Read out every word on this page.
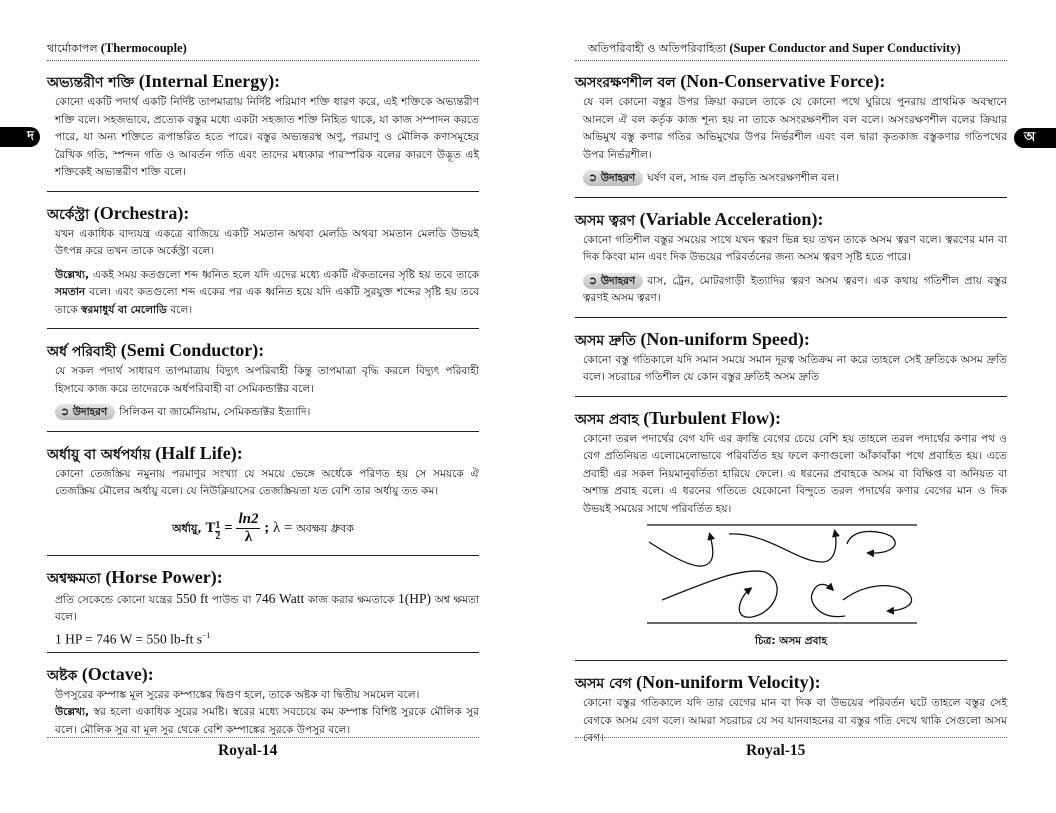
থার্মোকাপল (Thermocouple)
দ
অভ্যন্তরীণ শক্তি (Internal Energy):

কোনো একটি পদার্থ একটি নির্দিষ্ট তাপমাত্রায় নির্দিষ্ট পরিমাণ শক্তি ধারণ করে, এই শক্তিকে অভ্যন্তরীণ শক্তি বলে। সহজভাবে, প্রত্যেক বস্তুর মধ্যে একটা সহজাত শক্তি নিহিত থাকে, যা কাজ সম্পাদন করতে পারে, যা অন্য শক্তিতে রূপান্তরিত হতে পারে। বস্তুর অভ্যন্তরস্থ অণু, পরমাণু ও মৌলিক কণাসমূহের রৈখিক গতি, স্পন্দন গতি ও আবর্তন গতি এবং তাদের মধ্যকার পারস্পরিক বলের কারণে উদ্ভূত এই শক্তিকেই অভ্যন্তরীণ শক্তি বলে।

অর্কেস্ট্রা (Orchestra):

যখন একাধিক বাদ্যযন্ত্র একত্রে বাজিয়ে একটি সমতান অথবা মেলডি অথবা সমতান মেলডি উভয়ই উৎপন্ন করে তখন তাকে অর্কেস্ট্রা বলে।

উল্লেখ্য, একই সময় কতগুলো শব্দ ধ্বনিত হলে যদি এদের মধ্যে একটি ঐকতানের সৃষ্টি হয় তবে তাকে সমতান বলে। এবং কতগুলো শব্দ একের পর এক ধ্বনিত হয়ে যদি একটি সুরযুক্ত শব্দের সৃষ্টি হয় তবে তাকে স্বরমাধুর্য বা মেলোডি বলে।

অর্ধ পরিবাহী (Semi Conductor):

যে সকল পদার্থ সাধারণ তাপমাত্রায় বিদ্যুৎ অপরিবাহী কিন্তু তাপমাত্রা বৃদ্ধি করলে বিদ্যুৎ পরিবাহী হিসাবে কাজ করে তাদেরকে অর্ধপরিবাহী বা সেমিকন্ডাক্টর বলে।

➲ উদাহরণ সিলিকন বা জার্মেনিয়াম, সেমিকন্ডাক্টর ইত্যাদি।

অর্ধায়ু বা অর্ধপর্যায় (Half Life):

কোনো তেজস্ক্রিয় নমুনায় পরমাণুর সংখ্যা যে সময়ে ভেঙ্গে অর্ধেকে পরিণত হয় সে সময়কে ঐ তেজস্ক্রিয় মৌলের অর্ধায়ু বলে। যে নিউক্লিয়াসের তেজস্ক্রিয়তা যত বেশি তার অর্ধায়ু তত কম।

অর্ধায়ু, T $\frac{1}{2} = \frac{\ln 2}{\lambda}$ ; λ = অবক্ষয় ধ্রুবক
অশ্বক্ষমতা (Horse Power):

প্রতি সেকেন্ডে কোনো যন্ত্রের 550 ft পাউন্ড বা 746 Watt কাজ করার ক্ষমতাকে 1(HP) অশ্ব ক্ষমতা বলে।

1 HP = 746 W = 550 lb-ft $s^{-1}$

অষ্টক (Octave):

উপসুরের কম্পাঙ্ক মূল সুরের কম্পাঙ্কের দ্বিগুণ হলে, তাকে অষ্টক বা দ্বিতীয় সমমেল বলে।

উল্লেখ্য, স্বর হলো একাধিক সুরের সমষ্টি। স্বরের মধ্যে সবচেয়ে কম কম্পাঙ্ক বিশিষ্ট সুরকে মৌলিক সুর বলে। মৌলিক সুর বা মূল সুর থেকে বেশি কম্পাঙ্কের সুরকে উপসুর বলে।

Royal-14
অতিপরিবাহী ও অতিপরিবাহিতা (Super Conductor and Super Conductivity)
অ
অসংরক্ষণশীল বল (Non-Conservative Force):

যে বল কোনো বস্তুর উপর ক্রিয়া করলে তাকে যে কোনো পথে ঘুরিয়ে পুনরায় প্রাথমিক অবস্থানে আনলে ঐ বল কর্তৃক কাজ শূন্য হয় না তাকে অসংরক্ষণশীল বল বলে। অসংরক্ষণশীল বলের ক্রিয়ার অভিমুখ বস্তু কণার গতির অভিমুখের উপর নির্ভরশীল এবং বল দ্বারা কৃতকাজ বস্তুকণার গতিপথের উপর নির্ভরশীল।

➲ উদাহরণ ঘর্ষণ বল, সান্দ্র বল প্রভৃতি অসংরক্ষণশীল বল।

অসম ত্বরণ (Variable Acceleration):

কোনো গতিশীল বস্তুর সময়ের সাথে যখন ত্বরণ ভিন্ন হয় তখন তাকে অসম ত্বরণ বলে। ত্বরণের মান বা দিক কিংবা মান এবং দিক উভয়ের পরিবর্তনের জন্য অসম ত্বরণ সৃষ্টি হতে পারে।

➲ উদাহরণ বাস, ট্রেন, মোটরগাড়ী ইত্যাদির ত্বরণ অসম ত্বরণ। এক কথায় গতিশীল প্রায় বস্তুর ত্বরণই অসম ত্বরণ।

অসম দ্রুতি (Non-uniform Speed):

কোনো বস্তু গতিকালে যদি সমান সময়ে সমান দূরত্ব অতিক্রম না করে তাহলে সেই দ্রুতিকে অসম দ্রুতি বলে। সচরাচর গতিশীল যে কোন বস্তুর দ্রুতিই অসম দ্রুতি

অসম প্রবাহ (Turbulent Flow):

কোনো তরল পদার্থের বেগ যদি এর ক্রান্তি বেগের চেয়ে বেশি হয় তাহলে তরল পদার্থের কণার পথ ও বেগ প্রতিনিয়ত এলোমেলোভাবে পরিবর্তিত হয় ফলে কণাগুলো আঁকাবাঁকা পথে প্রবাহিত হয়। এতে প্রবাহী এর সকল নিয়মানুবর্তিতা হারিয়ে ফেলে। এ ধরনের প্রবাহকে অসম বা বিক্ষিপ্ত বা অনিয়ত বা অশান্ত প্রবাহ বলে। এ ধরনের গতিতে যেকোনো বিন্দুতে তরল পদার্থের কণার বেগের মান ও দিক উভয়ই সময়ের সাথে পরিবর্তিত হয়।

চিত্র: অসম প্রবাহ
অসম বেগ (Non-uniform Velocity):

কোনো বস্তুর গতিকালে যদি তার বেগের মান বা দিক বা উভয়ের পরিবর্তন ঘটে তাহলে বস্তুর সেই বেগকে অসম বেগ বলে। আমরা সচরাচর যে সব যানবাহনের বা বস্তুর গতি দেখে থাকি সেগুলো অসম বেগ।

Royal-15
